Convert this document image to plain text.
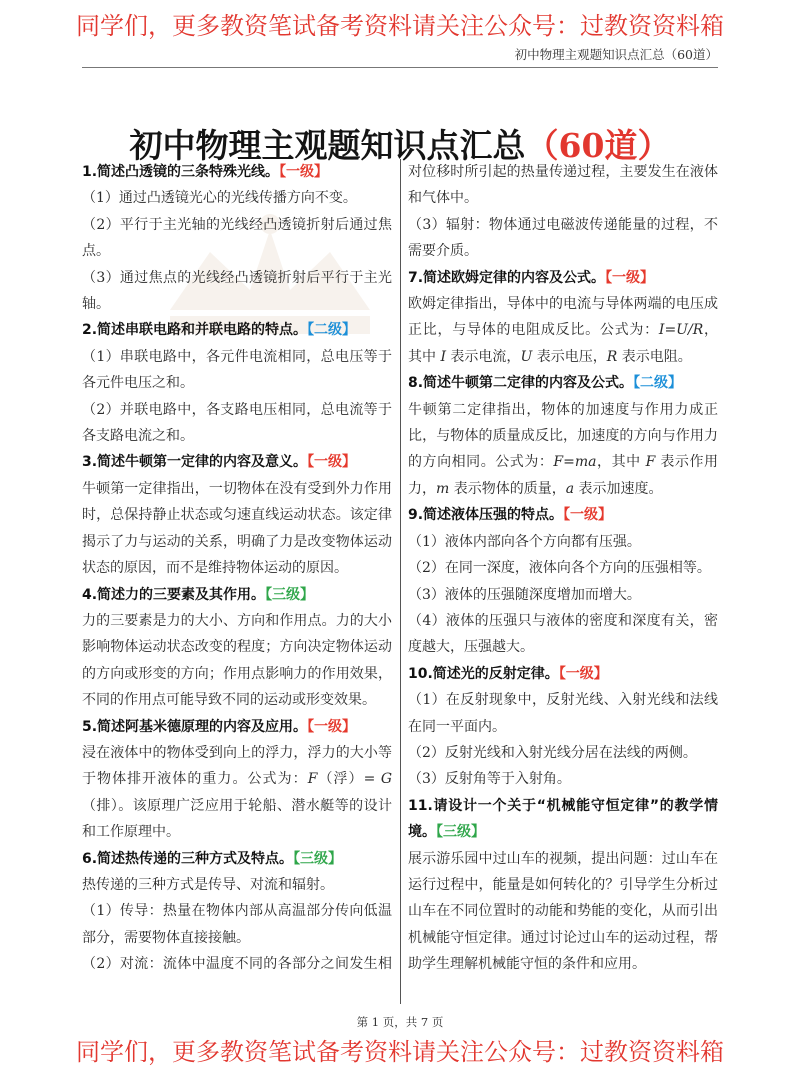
同学们，更多教资笔试备考资料请关注公众号：过教资资料箱
初中物理主观题知识点汇总（60道）
初中物理主观题知识点汇总（60道）

1.简述凸透镜的三条特殊光线。【一级】

（1）通过凸透镜光心的光线传播方向不变。

（2）平行于主光轴的光线经凸透镜折射后通过焦点。

（3）通过焦点的光线经凸透镜折射后平行于主光轴。

2.简述串联电路和并联电路的特点。【二级】

（1）串联电路中，各元件电流相同，总电压等于各元件电压之和。

（2）并联电路中，各支路电压相同，总电流等于各支路电流之和。

3.简述牛顿第一定律的内容及意义。【一级】

牛顿第一定律指出，一切物体在没有受到外力作用时，总保持静止状态或匀速直线运动状态。该定律揭示了力与运动的关系，明确了力是改变物体运动状态的原因，而不是维持物体运动的原因。

4.简述力的三要素及其作用。【三级】

力的三要素是力的大小、方向和作用点。力的大小影响物体运动状态改变的程度；方向决定物体运动的方向或形变的方向；作用点影响力的作用效果，不同的作用点可能导致不同的运动或形变效果。

5.简述阿基米德原理的内容及应用。【一级】

浸在液体中的物体受到向上的浮力，浮力的大小等于物体排开液体的重力。公式为：F（浮）= G（排）。该原理广泛应用于轮船、潜水艇等的设计和工作原理中。

6.简述热传递的三种方式及特点。【三级】

热传递的三种方式是传导、对流和辐射。

（1）传导：热量在物体内部从高温部分传向低温部分，需要物体直接接触。

（2）对流：流体中温度不同的各部分之间发生相对位移时所引起的热量传递过程，主要发生在液体和气体中。

（3）辐射：物体通过电磁波传递能量的过程，不需要介质。

7.简述欧姆定律的内容及公式。【一级】

欧姆定律指出，导体中的电流与导体两端的电压成正比，与导体的电阻成反比。公式为：I=U/R，其中 I 表示电流，U 表示电压，R 表示电阻。

8.简述牛顿第二定律的内容及公式。【二级】

牛顿第二定律指出，物体的加速度与作用力成正比，与物体的质量成反比，加速度的方向与作用力的方向相同。公式为：F=ma，其中 F 表示作用力，m 表示物体的质量，a 表示加速度。

9.简述液体压强的特点。【一级】

（1）液体内部向各个方向都有压强。

（2）在同一深度，液体向各个方向的压强相等。

（3）液体的压强随深度增加而增大。

（4）液体的压强只与液体的密度和深度有关，密度越大，压强越大。

10.简述光的反射定律。【一级】

（1）在反射现象中，反射光线、入射光线和法线在同一平面内。

（2）反射光线和入射光线分居在法线的两侧。

（3）反射角等于入射角。

11.请设计一个关于“机械能守恒定律”的教学情境。【三级】

展示游乐园中过山车的视频，提出问题：过山车在运行过程中，能量是如何转化的？引导学生分析过山车在不同位置时的动能和势能的变化，从而引出机械能守恒定律。通过讨论过山车的运动过程，帮助学生理解机械能守恒的条件和应用。

第 1 页，共 7 页
同学们，更多教资笔试备考资料请关注公众号：过教资资料箱
